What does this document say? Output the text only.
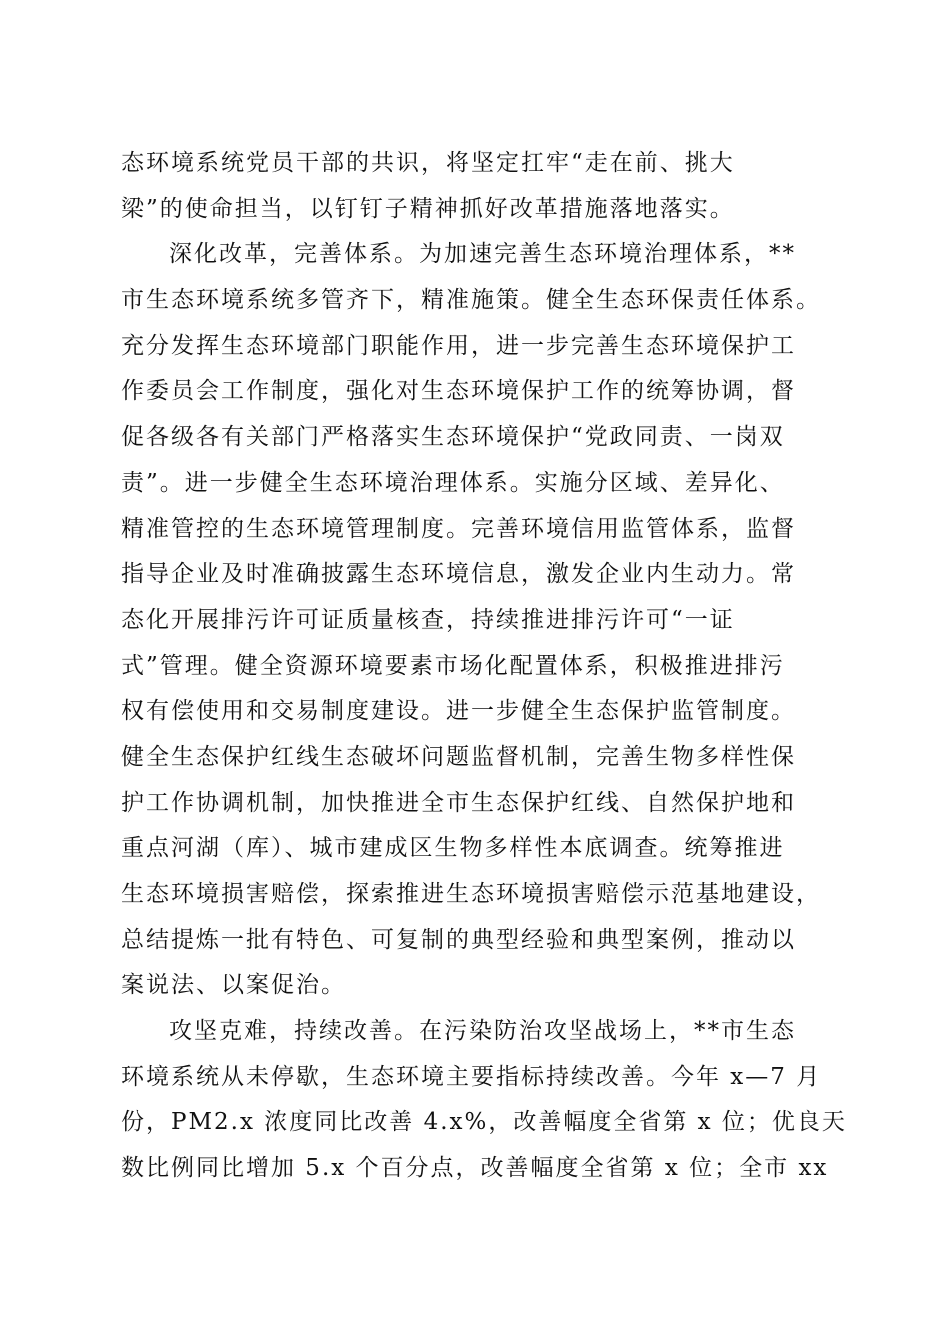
态环境系统党员干部的共识，将坚定扛牢“走在前、挑大
梁”的使命担当，以钉钉子精神抓好改革措施落地落实。
深化改革，完善体系。为加速完善生态环境治理体系，**
市生态环境系统多管齐下，精准施策。健全生态环保责任体系。
充分发挥生态环境部门职能作用，进一步完善生态环境保护工
作委员会工作制度，强化对生态环境保护工作的统筹协调，督
促各级各有关部门严格落实生态环境保护“党政同责、一岗双
责”。进一步健全生态环境治理体系。实施分区域、差异化、
精准管控的生态环境管理制度。完善环境信用监管体系，监督
指导企业及时准确披露生态环境信息，激发企业内生动力。常
态化开展排污许可证质量核查，持续推进排污许可“一证
式”管理。健全资源环境要素市场化配置体系，积极推进排污
权有偿使用和交易制度建设。进一步健全生态保护监管制度。
健全生态保护红线生态破坏问题监督机制，完善生物多样性保
护工作协调机制，加快推进全市生态保护红线、自然保护地和
重点河湖（库）、城市建成区生物多样性本底调查。统筹推进
生态环境损害赔偿，探索推进生态环境损害赔偿示范基地建设，
总结提炼一批有特色、可复制的典型经验和典型案例，推动以
案说法、以案促治。
攻坚克难，持续改善。在污染防治攻坚战场上，**市生态
环境系统从未停歇，生态环境主要指标持续改善。今年 x—7 月
份，PM2.x 浓度同比改善 4.x%，改善幅度全省第 x 位；优良天
数比例同比增加 5.x 个百分点，改善幅度全省第 x 位；全市 xx
